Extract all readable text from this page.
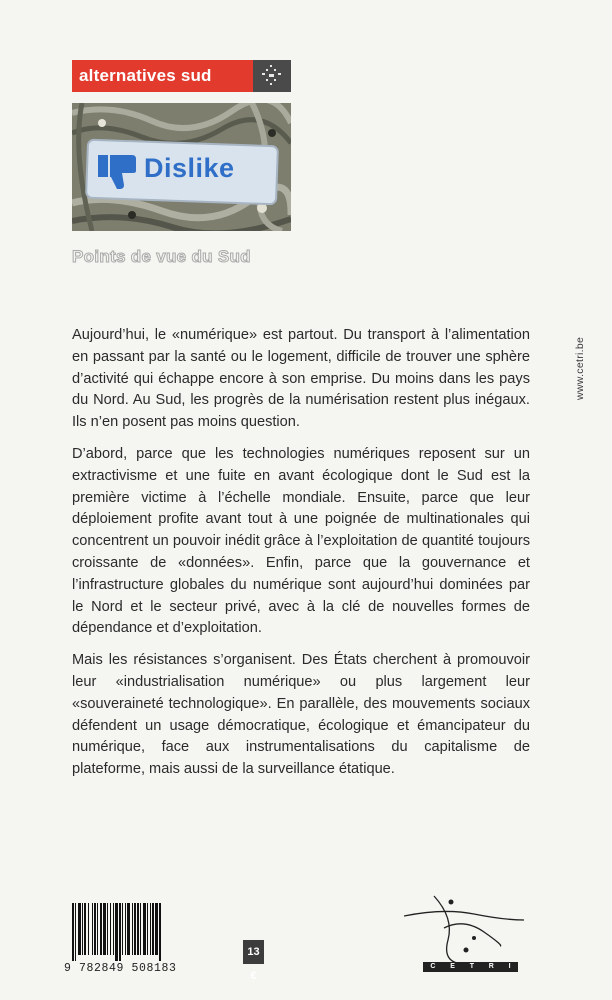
alternatives sud
Dislike
Points de vue du Sud
www.cetri.be

Aujourd’hui, le «numérique» est partout. Du transport à l’alimentation en passant par la santé ou le logement, difficile de trouver une sphère d’activité qui échappe encore à son emprise. Du moins dans les pays du Nord. Au Sud, les progrès de la numérisation restent plus inégaux. Ils n’en posent pas moins question.

D’abord, parce que les technologies numériques reposent sur un extractivisme et une fuite en avant écologique dont le Sud est la première victime à l’échelle mondiale. Ensuite, parce que leur déploiement profite avant tout à une poignée de multinationales qui concentrent un pouvoir inédit grâce à l’exploitation de quantité toujours croissante de «données». Enfin, parce que la gouvernance et l’infrastructure globales du numérique sont aujourd’hui dominées par le Nord et le secteur privé, avec à la clé de nouvelles formes de dépendance et d’exploitation.

Mais les résistances s’organisent. Des États cherchent à promouvoir leur «industrialisation numérique» ou plus largement leur «souveraineté technologique». En parallèle, des mouvements sociaux défendent un usage démocratique, écologique et émancipateur du numérique, face aux instrumentalisations du capitalisme de plateforme, mais aussi de la surveillance étatique.

9 782849 508183
13 €
C E T R I
